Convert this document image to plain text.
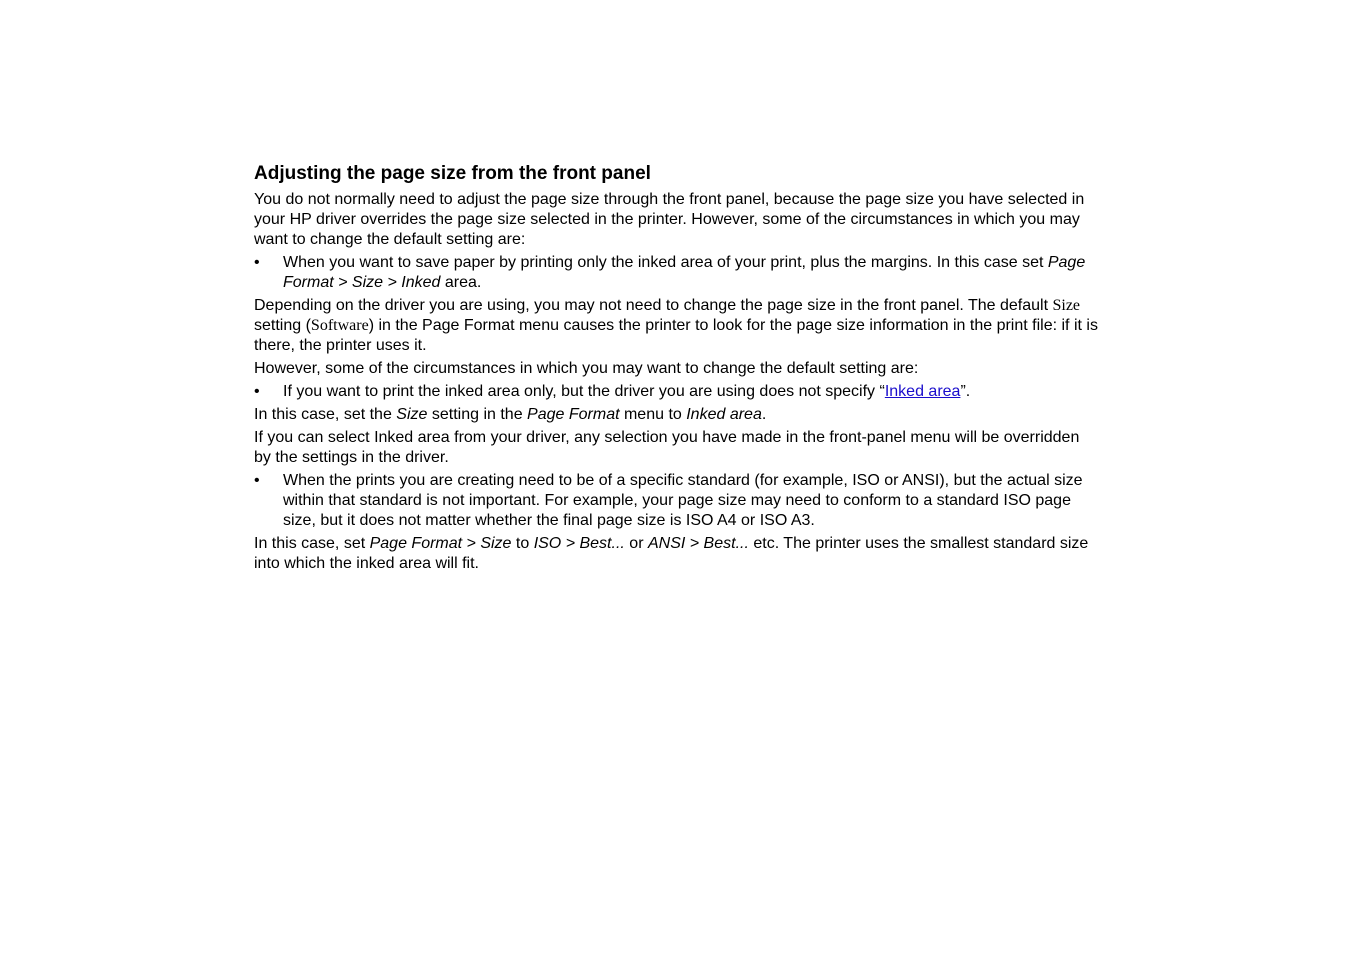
Adjusting the page size from the front panel

You do not normally need to adjust the page size through the front panel, because the page size you have selected in your HP driver overrides the page size selected in the printer. However, some of the circumstances in which you may want to change the default setting are:

• When you want to save paper by printing only the inked area of your print, plus the margins. In this case set Page Format > Size > Inked area.

Depending on the driver you are using, you may not need to change the page size in the front panel. The default Size setting (Software) in the Page Format menu causes the printer to look for the page size information in the print file: if it is there, the printer uses it.

However, some of the circumstances in which you may want to change the default setting are:

• If you want to print the inked area only, but the driver you are using does not specify “Inked area”.

In this case, set the Size setting in the Page Format menu to Inked area.

If you can select Inked area from your driver, any selection you have made in the front-panel menu will be overridden by the settings in the driver.

• When the prints you are creating need to be of a specific standard (for example, ISO or ANSI), but the actual size within that standard is not important. For example, your page size may need to conform to a standard ISO page size, but it does not matter whether the final page size is ISO A4 or ISO A3.

In this case, set Page Format > Size to ISO > Best... or ANSI > Best... etc. The printer uses the smallest standard size into which the inked area will fit.
